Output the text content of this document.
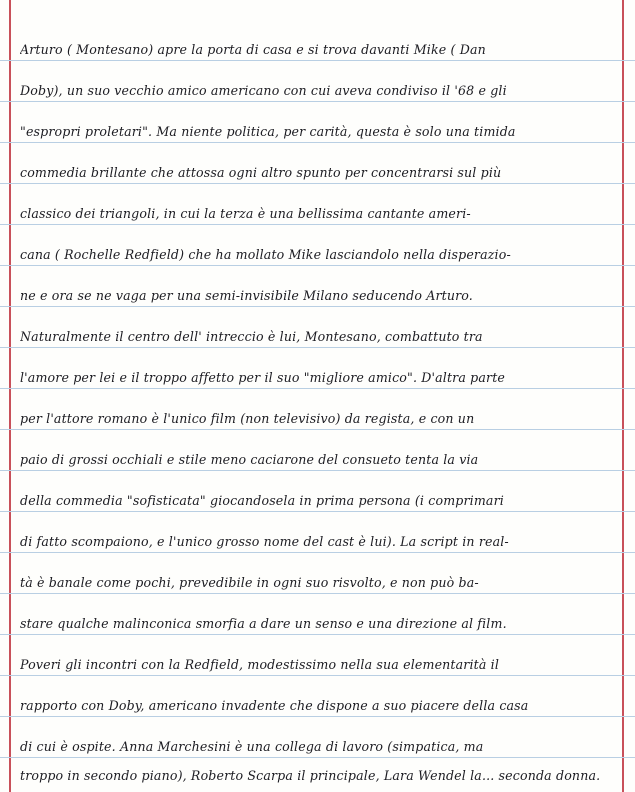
Arturo ( Montesano) apre la porta di casa e si trova davanti Mike ( Dan
Doby), un suo vecchio amico americano con cui aveva condiviso il '68 e gli
"espropri proletari". Ma niente politica, per carità, questa è solo una timida
commedia brillante che attossa ogni altro spunto per concentrarsi sul più
classico dei triangoli, in cui la terza è una bellissima cantante ameri-
cana ( Rochelle Redfield) che ha mollato Mike lasciandolo nella disperazio-
ne e ora se ne vaga per una semi-invisibile Milano seducendo Arturo.
Naturalmente il centro dell' intreccio è lui, Montesano, combattuto tra
l'amore per lei e il troppo affetto per il suo "migliore amico". D'altra parte
per l'attore romano è l'unico film (non televisivo) da regista, e con un
paio di grossi occhiali e stile meno caciarone del consueto tenta la via
della commedia "sofisticata" giocandosela in prima persona (i comprimari
di fatto scompaiono, e l'unico grosso nome del cast è lui). La script in real-
tà è banale come pochi, prevedibile in ogni suo risvolto, e non può ba-
stare qualche malinconica smorfia a dare un senso e una direzione al film.
Poveri gli incontri con la Redfield, modestissimo nella sua elementarità il
rapporto con Doby, americano invadente che dispone a suo piacere della casa
di cui è ospite. Anna Marchesini è una collega di lavoro (simpatica, ma
troppo in secondo piano), Roberto Scarpa il principale, Lara Wendel la... seconda donna.
